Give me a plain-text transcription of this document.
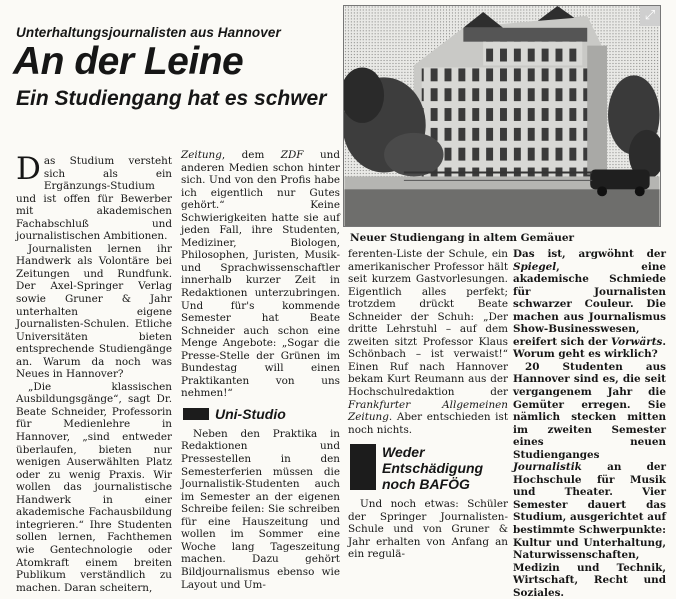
Unterhaltungsjournalisten aus Hannover
An der Leine
Ein Studiengang hat es schwer
⤢
Neuer Studiengang in altem Gemäuer

Das Studium versteht sich als ein Ergänzungs-Studium und ist offen für Bewerber mit akademischen Fachabschluß und journalistischen Ambitionen.

Journalisten lernen ihr Handwerk als Volontäre bei Zeitungen und Rundfunk. Der Axel-Springer Verlag sowie Gruner & Jahr unterhalten eigene Journalisten-Schulen. Etliche Universitäten bieten entsprechende Studiengänge an. Warum da noch was Neues in Hannover?

„Die klassischen Ausbildungsgänge“, sagt Dr. Beate Schneider, Professorin für Medienlehre in Hannover, „sind entweder überlaufen, bieten nur wenigen Auserwählten Platz oder zu wenig Praxis. Wir wollen das journalistische Handwerk in einer akademische Fachausbildung integrieren.“ Ihre Studenten sollen lernen, Fachthemen wie Gentechnologie oder Atomkraft einem breiten Publikum verständlich zu machen. Daran scheitern,

Zeitung, dem ZDF und anderen Medien schon hinter sich. Und von den Profis habe ich eigentlich nur Gutes gehört.“ Keine Schwierigkeiten hatte sie auf jeden Fall, ihre Studenten, Mediziner, Biologen, Philosophen, Juristen, Musik- und Sprachwissenschaftler innerhalb kurzer Zeit in Redaktionen unterzubringen. Und für's kommende Semester hat Beate Schneider auch schon eine Menge Angebote: „Sogar die Presse-Stelle der Grünen im Bundestag will einen Praktikanten von uns nehmen!“

Uni-Studio

Neben den Praktika in Redaktionen und Pressestellen in den Semesterferien müssen die Journalistik-Studenten auch im Semester an der eigenen Schreibe feilen: Sie schreiben für eine Hauszeitung und wollen im Sommer eine Woche lang Tageszeitung machen. Dazu gehört Bildjournalismus ebenso wie Layout und Um-

ferenten-Liste der Schule, ein amerikanischer Professor hält seit kurzem Gastvorlesungen. Eigentlich alles perfekt; trotzdem drückt Beate Schneider der Schuh: „Der dritte Lehrstuhl – auf dem zweiten sitzt Professor Klaus Schönbach – ist verwaist!“ Einen Ruf nach Hannover bekam Kurt Reumann aus der Hochschulredaktion der Frankfurter Allgemeinen Zeitung. Aber entschieden ist noch nichts.

Weder Entschädigung noch BAFÖG

Und noch etwas: Schüler der Springer Journalisten-Schule und von Gruner & Jahr erhalten von Anfang an ein regulä-

Das ist, argwöhnt der Spiegel, eine akademische Schmiede für Journalisten schwarzer Couleur. Die machen aus Journalismus Show-Businesswesen, ereifert sich der Vorwärts. Worum geht es wirklich?

20 Studenten aus Hannover sind es, die seit vergangenem Jahr die Gemüter erregen. Sie nämlich stecken mitten im zweiten Semester eines neuen Studienganges Journalistik an der Hochschule für Musik und Theater. Vier Semester dauert das Studium, ausgerichtet auf bestimmte Schwerpunkte: Kultur und Unterhaltung, Naturwissenschaften, Medizin und Technik, Wirtschaft, Recht und Soziales.
